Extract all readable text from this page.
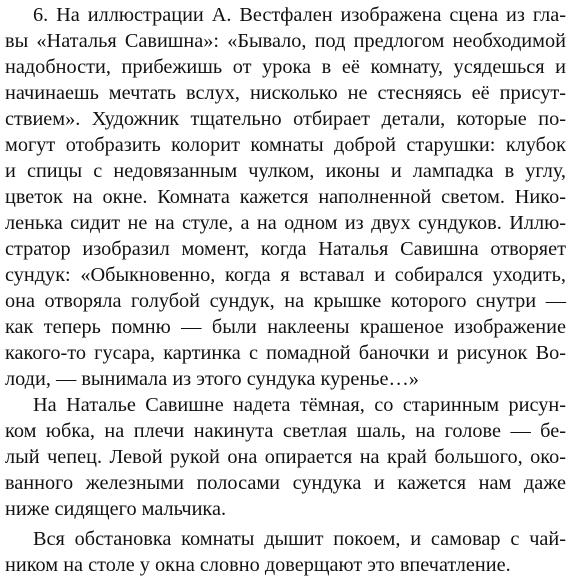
6. На иллюстрации А. Вестфален изображена сцена из гла-
вы «Наталья Савишна»: «Бывало, под предлогом необходимой
надобности, прибежишь от урока в её комнату, усядешься и
начинаешь мечтать вслух, нисколько не стесняясь её присут-
ствием». Художник тщательно отбирает детали, которые по-
могут отобразить колорит комнаты доброй старушки: клубок
и спицы с недовязанным чулком, иконы и лампадка в углу,
цветок на окне. Комната кажется наполненной светом. Нико-
ленька сидит не на стуле, а на одном из двух сундуков. Иллю-
стратор изобразил момент, когда Наталья Савишна отворяет
сундук: «Обыкновенно, когда я вставал и собирался уходить,
она отворяла голубой сундук, на крышке которого снутри —
как теперь помню — были наклеены крашеное изображение
какого-то гусара, картинка с помадной баночки и рисунок Во-
лоди, — вынимала из этого сундука куренье…»
На Наталье Савишне надета тёмная, со старинным рисун-
ком юбка, на плечи накинута светлая шаль, на голове — бе-
лый чепец. Левой рукой она опирается на край большого, око-
ванного железными полосами сундука и кажется нам даже
ниже сидящего мальчика.
Вся обстановка комнаты дышит покоем, и самовар с чай-
ником на столе у окна словно доверщают это впечатление.
